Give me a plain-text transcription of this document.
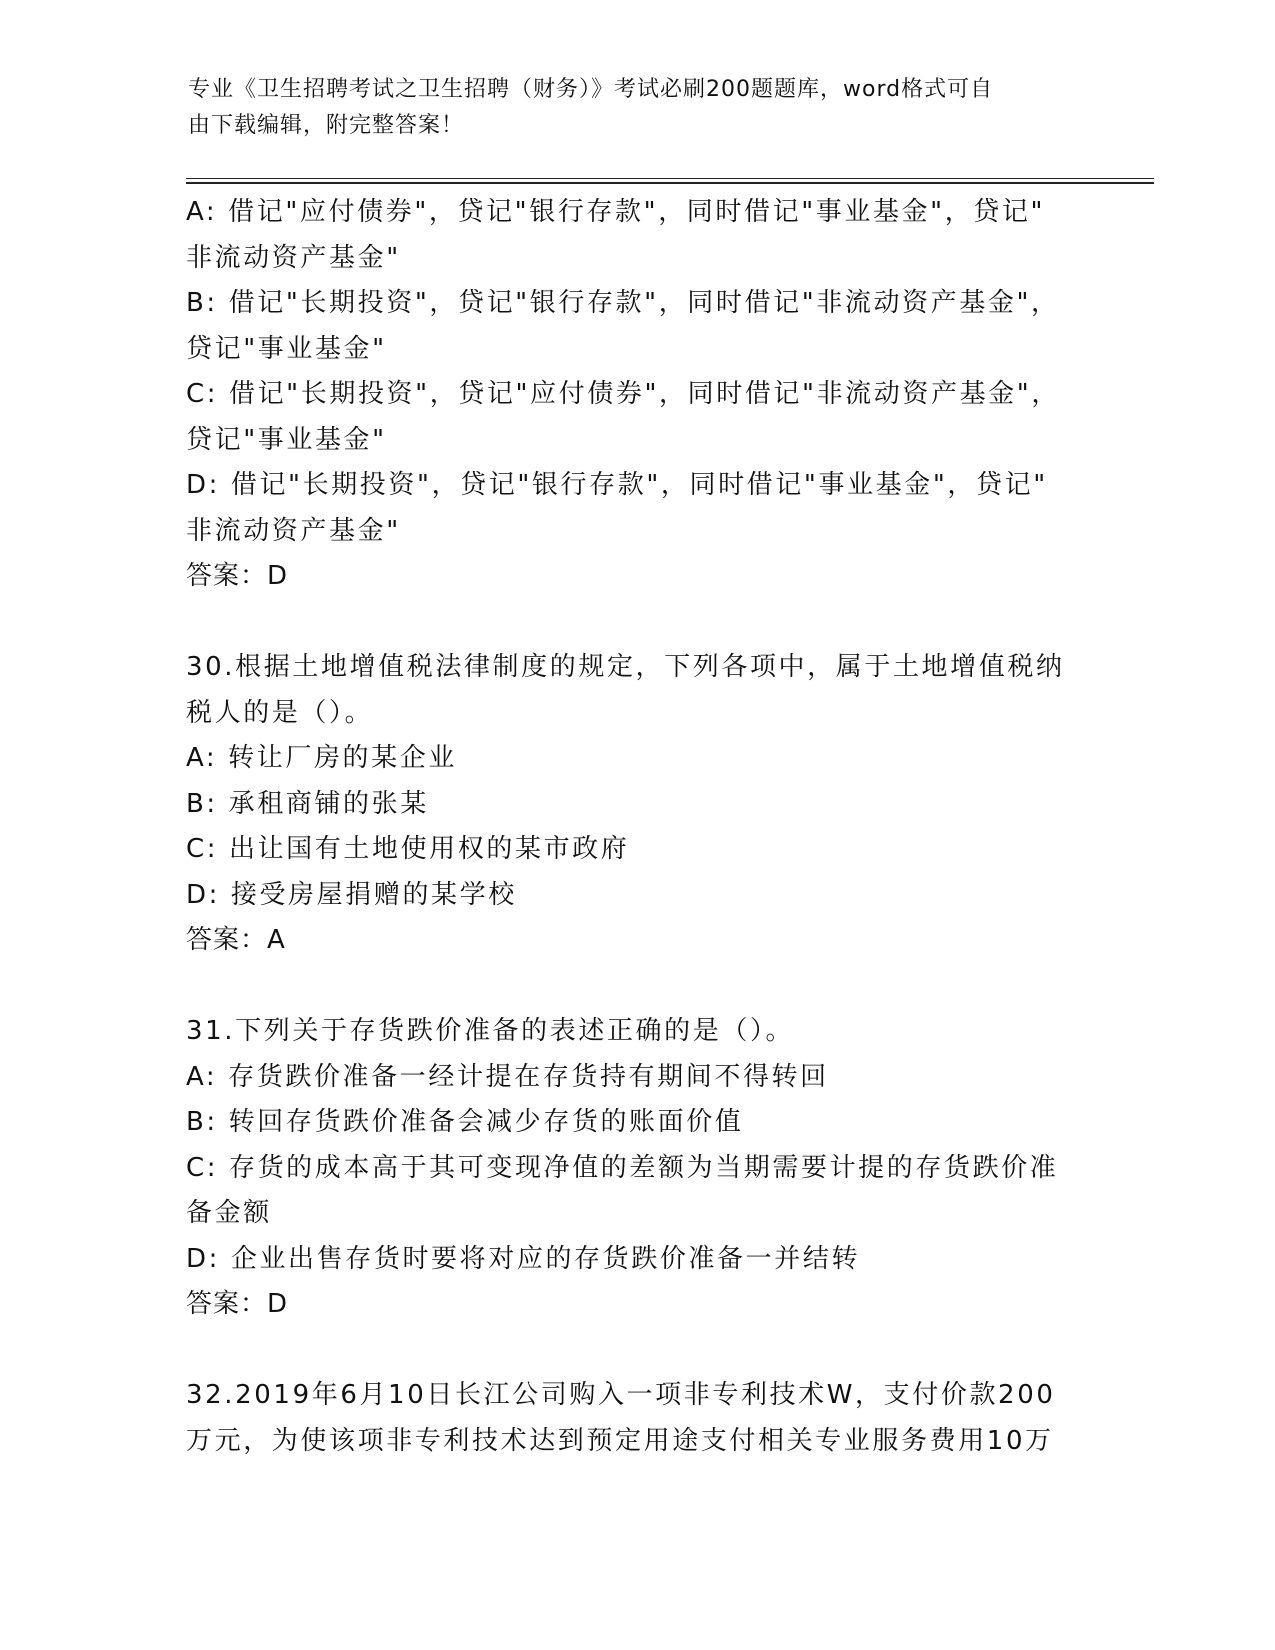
专业《卫生招聘考试之卫生招聘（财务）》考试必刷200题题库，word格式可自
由下载编辑，附完整答案！
A: 借记"应付债券"，贷记"银行存款"，同时借记"事业基金"，贷记"
非流动资产基金"
B: 借记"长期投资"，贷记"银行存款"，同时借记"非流动资产基金"，
贷记"事业基金"
C: 借记"长期投资"，贷记"应付债券"，同时借记"非流动资产基金"，
贷记"事业基金"
D: 借记"长期投资"，贷记"银行存款"，同时借记"事业基金"，贷记"
非流动资产基金"
答案：D
30.根据土地增值税法律制度的规定，下列各项中，属于土地增值税纳
税人的是（）。
A: 转让厂房的某企业
B: 承租商铺的张某
C: 出让国有土地使用权的某市政府
D: 接受房屋捐赠的某学校
答案：A
31.下列关于存货跌价准备的表述正确的是（）。
A: 存货跌价准备一经计提在存货持有期间不得转回
B: 转回存货跌价准备会减少存货的账面价值
C: 存货的成本高于其可变现净值的差额为当期需要计提的存货跌价准
备金额
D: 企业出售存货时要将对应的存货跌价准备一并结转
答案：D
32.2019年6月10日长江公司购入一项非专利技术W，支付价款200
万元，为使该项非专利技术达到预定用途支付相关专业服务费用10万
